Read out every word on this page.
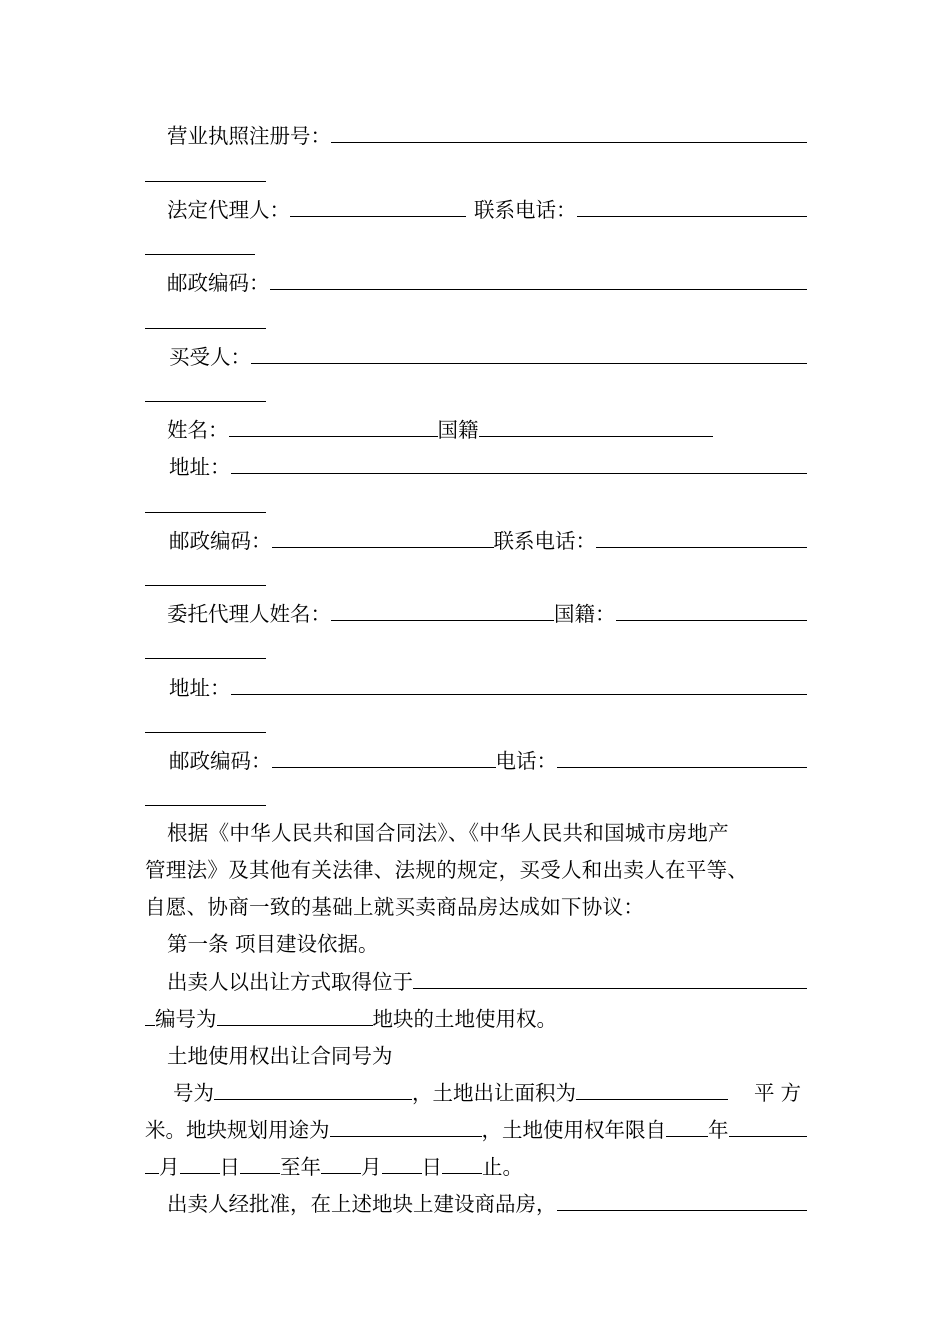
营业执照注册号：
法定代理人：	联系电话：
邮政编码：
买受人：
姓名：	国籍
地址：
邮政编码：	联系电话：
委托代理人姓名：	国籍：
地址：
邮政编码：	电话：
根据《中华人民共和国合同法》、《中华人民共和国城市房地产
管理法》及其他有关法律、法规的规定，买受人和出卖人在平等、
自愿、协商一致的基础上就买卖商品房达成如下协议：
第一条 项目建设依据。
出卖人以出让方式取得位于
编号为	地块的土地使用权。
土地使用权出让合同号为
号为	，土地出让面积为	平方
米。地块规划用途为	，土地使用权年限自 年
月 日 至年 月 日 止。
出卖人经批准，在上述地块上建设商品房，
